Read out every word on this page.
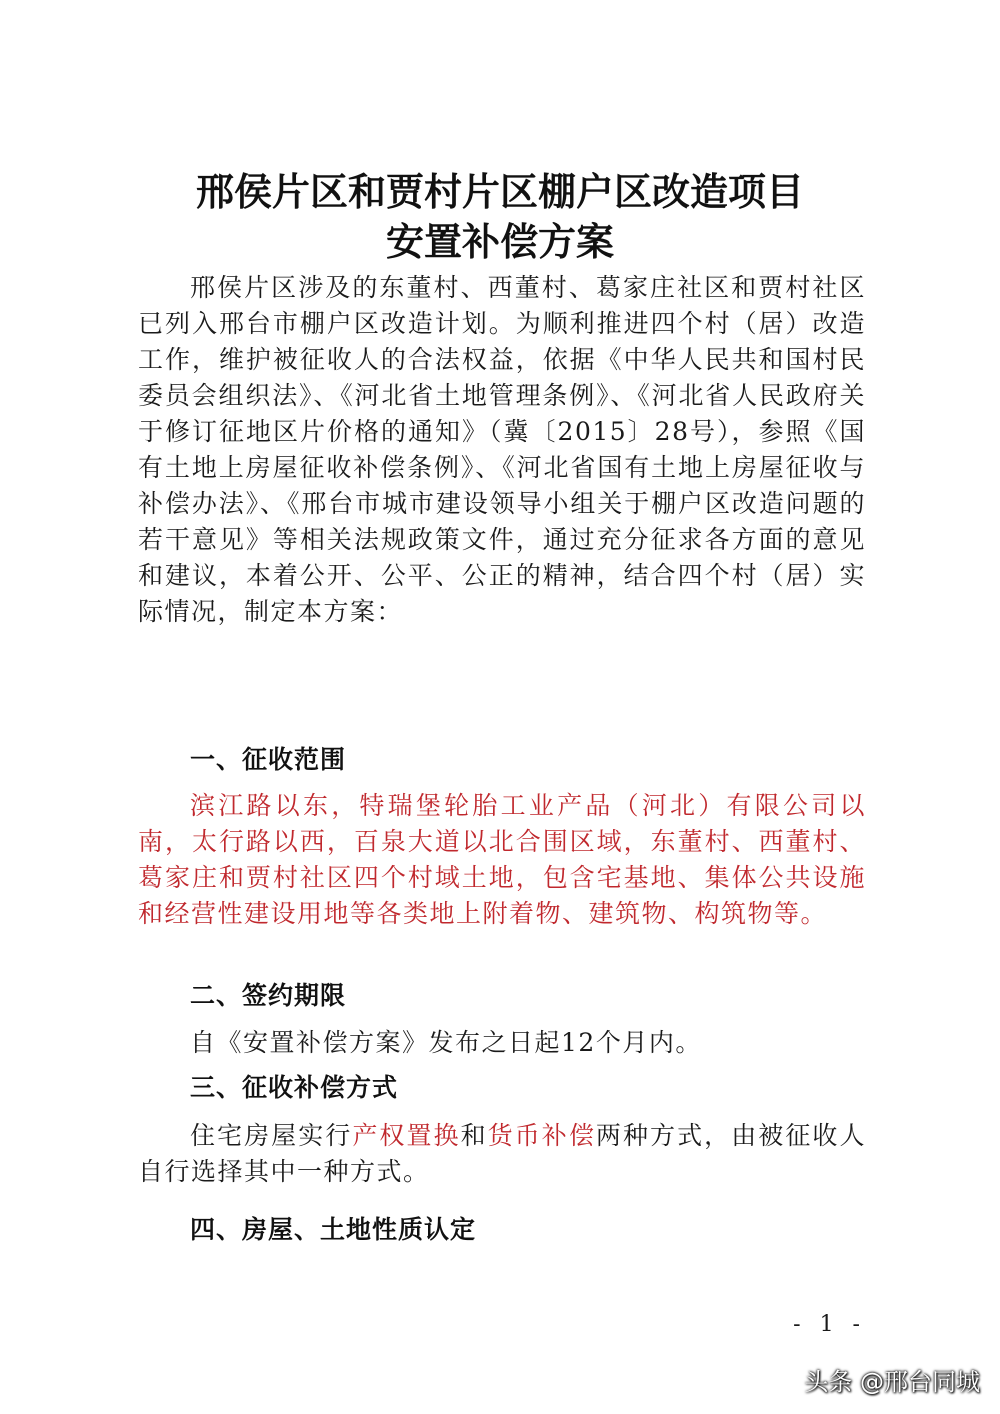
邢侯片区和贾村片区棚户区改造项目
安置补偿方案

邢侯片区涉及的东董村、西董村、葛家庄社区和贾村社区已列入邢台市棚户区改造计划。为顺利推进四个村（居）改造工作，维护被征收人的合法权益，依据《中华人民共和国村民委员会组织法》、《河北省土地管理条例》、《河北省人民政府关于修订征地区片价格的通知》（冀〔2015〕28号），参照《国有土地上房屋征收补偿条例》、《河北省国有土地上房屋征收与补偿办法》、《邢台市城市建设领导小组关于棚户区改造问题的若干意见》等相关法规政策文件，通过充分征求各方面的意见和建议，本着公开、公平、公正的精神，结合四个村（居）实际情况，制定本方案：

一、征收范围

滨江路以东，特瑞堡轮胎工业产品（河北）有限公司以南，太行路以西，百泉大道以北合围区域，东董村、西董村、葛家庄和贾村社区四个村域土地，包含宅基地、集体公共设施和经营性建设用地等各类地上附着物、建筑物、构筑物等。

二、签约期限

自《安置补偿方案》发布之日起12个月内。

三、征收补偿方式

住宅房屋实行产权置换和货币补偿两种方式，由被征收人自行选择其中一种方式。

四、房屋、土地性质认定

- 1 -
头条 @邢台同城
